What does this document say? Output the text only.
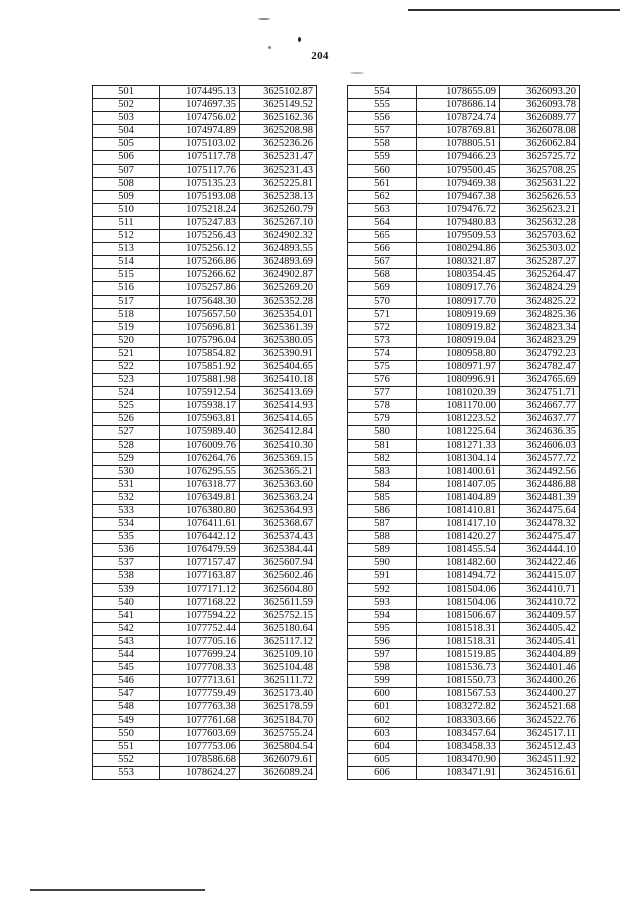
204
501	1074495.13	3625102.87
502	1074697.35	3625149.52
503	1074756.02	3625162.36
504	1074974.89	3625208.98
505	1075103.02	3625236.26
506	1075117.78	3625231.47
507	1075117.76	3625231.43
508	1075135.23	3625225.81
509	1075193.08	3625238.13
510	1075218.24	3625260.79
511	1075247.83	3625267.10
512	1075256.43	3624902.32
513	1075256.12	3624893.55
514	1075266.86	3624893.69
515	1075266.62	3624902.87
516	1075257.86	3625269.20
517	1075648.30	3625352.28
518	1075657.50	3625354.01
519	1075696.81	3625361.39
520	1075796.04	3625380.05
521	1075854.82	3625390.91
522	1075851.92	3625404.65
523	1075881.98	3625410.18
524	1075912.54	3625413.69
525	1075938.17	3625414.93
526	1075963.81	3625414.65
527	1075989.40	3625412.84
528	1076009.76	3625410.30
529	1076264.76	3625369.15
530	1076295.55	3625365.21
531	1076318.77	3625363.60
532	1076349.81	3625363.24
533	1076380.80	3625364.93
534	1076411.61	3625368.67
535	1076442.12	3625374.43
536	1076479.59	3625384.44
537	1077157.47	3625607.94
538	1077163.87	3625602.46
539	1077171.12	3625604.80
540	1077168.22	3625611.59
541	1077594.22	3625752.15
542	1077752.44	3625180.64
543	1077705.16	3625117.12
544	1077699.24	3625109.10
545	1077708.33	3625104.48
546	1077713.61	3625111.72
547	1077759.49	3625173.40
548	1077763.38	3625178.59
549	1077761.68	3625184.70
550	1077603.69	3625755.24
551	1077753.06	3625804.54
552	1078586.68	3626079.61
553	1078624.27	3626089.24
554	1078655.09	3626093.20
555	1078686.14	3626093.78
556	1078724.74	3626089.77
557	1078769.81	3626078.08
558	1078805.51	3626062.84
559	1079466.23	3625725.72
560	1079500.45	3625708.25
561	1079469.38	3625631.22
562	1079467.38	3625626.53
563	1079476.72	3625623.21
564	1079480.83	3625632.28
565	1079509.53	3625703.62
566	1080294.86	3625303.02
567	1080321.87	3625287.27
568	1080354.45	3625264.47
569	1080917.76	3624824.29
570	1080917.70	3624825.22
571	1080919.69	3624825.36
572	1080919.82	3624823.34
573	1080919.04	3624823.29
574	1080958.80	3624792.23
575	1080971.97	3624782.47
576	1080996.91	3624765.69
577	1081020.39	3624751.71
578	1081170.00	3624667.77
579	1081223.52	3624637.77
580	1081225.64	3624636.35
581	1081271.33	3624606.03
582	1081304.14	3624577.72
583	1081400.61	3624492.56
584	1081407.05	3624486.88
585	1081404.89	3624481.39
586	1081410.81	3624475.64
587	1081417.10	3624478.32
588	1081420.27	3624475.47
589	1081455.54	3624444.10
590	1081482.60	3624422.46
591	1081494.72	3624415.07
592	1081504.06	3624410.71
593	1081504.06	3624410.72
594	1081506.67	3624409.57
595	1081518.31	3624405.42
596	1081518.31	3624405.41
597	1081519.85	3624404.89
598	1081536.73	3624401.46
599	1081550.73	3624400.26
600	1081567.53	3624400.27
601	1083272.82	3624521.68
602	1083303.66	3624522.76
603	1083457.64	3624517.11
604	1083458.33	3624512.43
605	1083470.90	3624511.92
606	1083471.91	3624516.61
